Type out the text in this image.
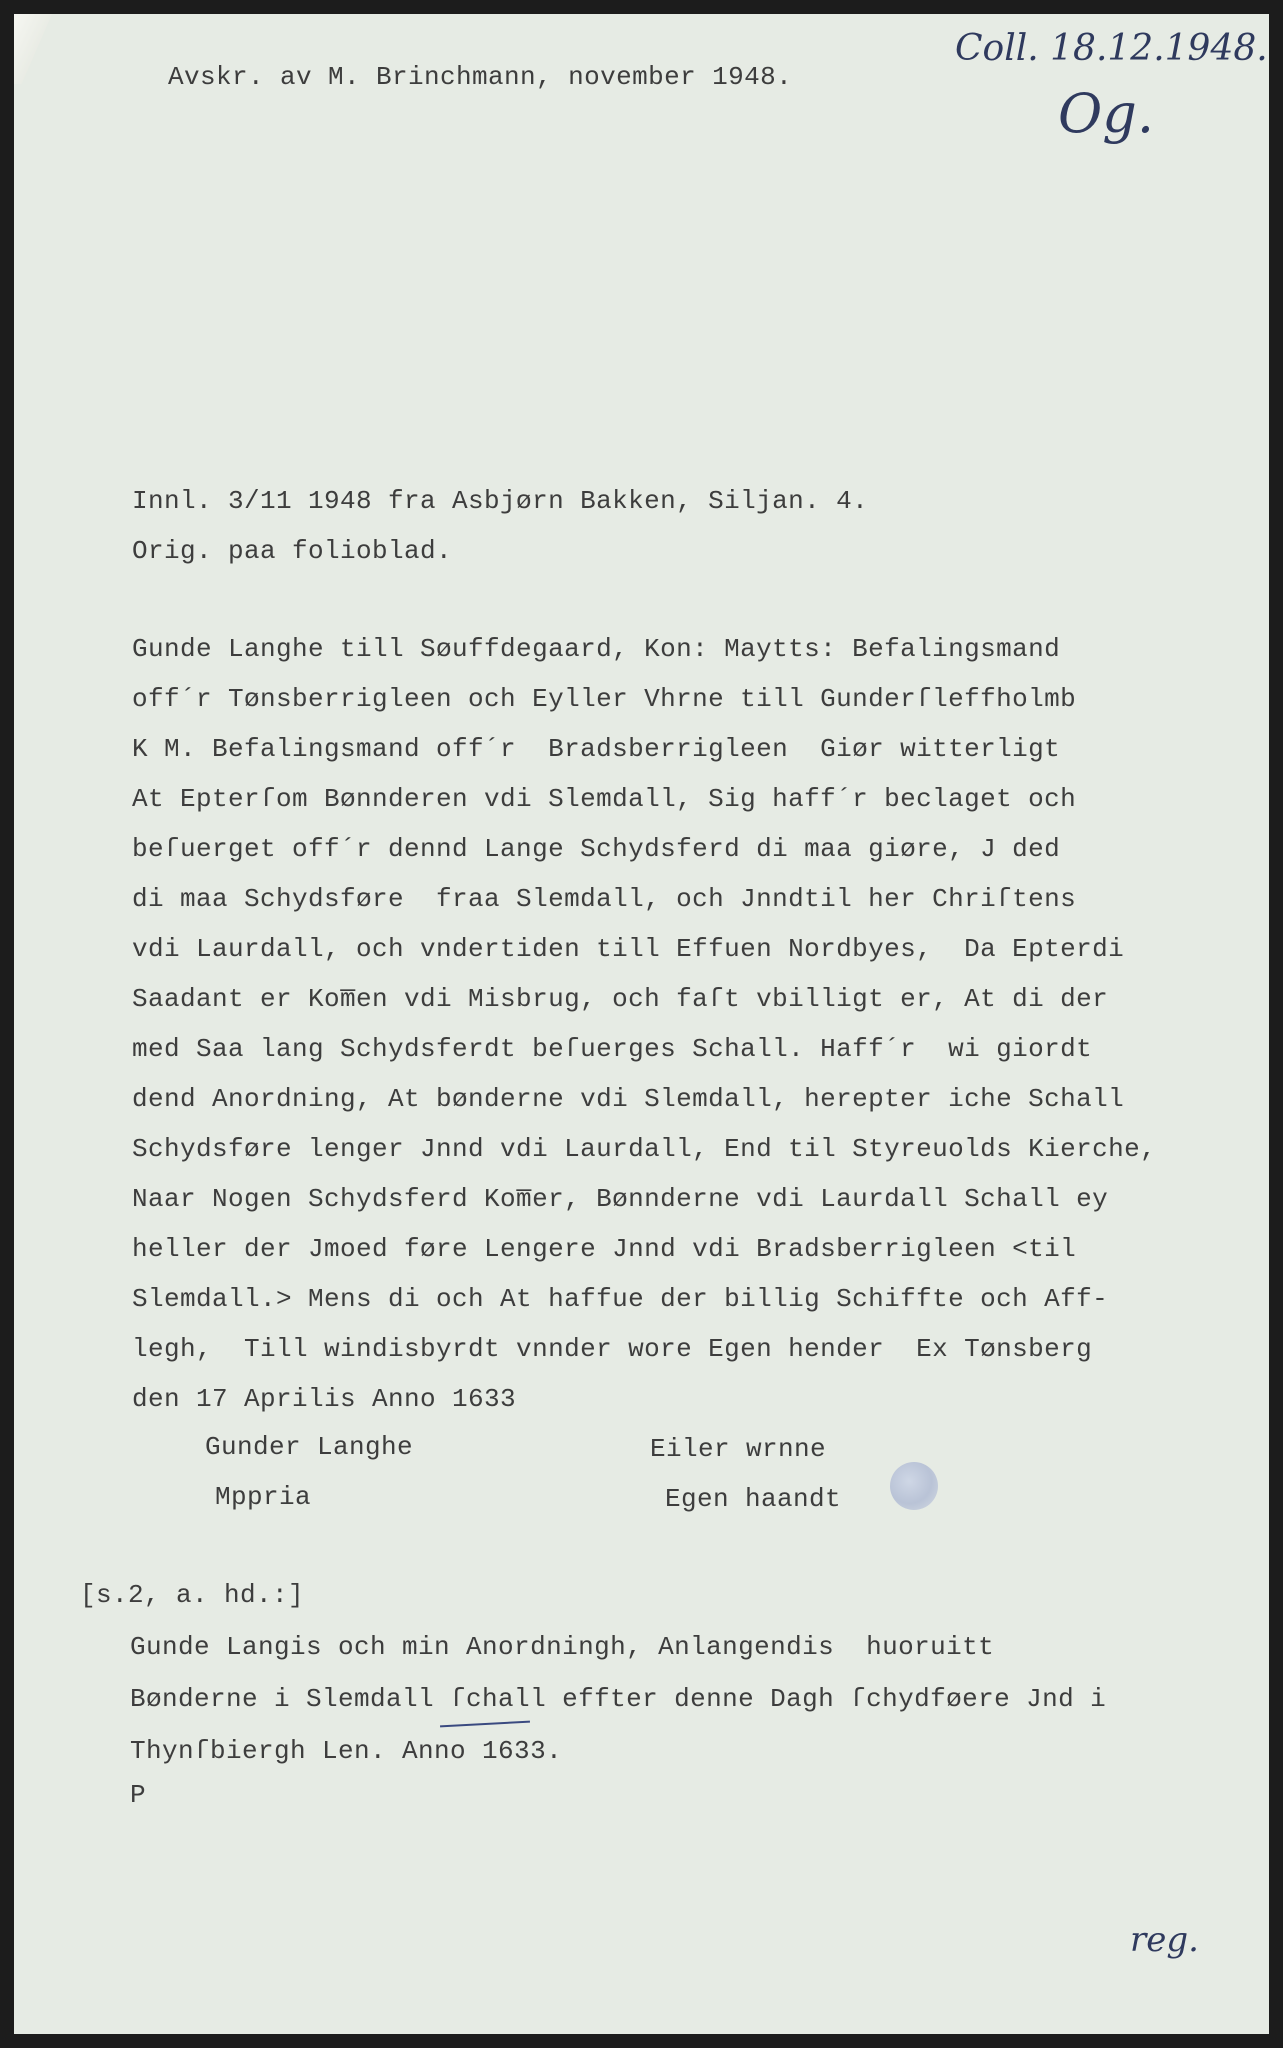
Avskr. av M. Brinchmann, november 1948.
Coll. 18.12.1948.
Og.
Innl. 3/11 1948 fra Asbjørn Bakken, Siljan. 4.
Orig. paa folioblad.
Gunde Langhe till Søuffdegaard, Kon: Maytts: Befalingsmand
off´r Tønsberrigleen och Eyller Vhrne till Gunderſleffholmb
K M. Befalingsmand off´r  Bradsberrigleen  Giør witterligt
At Epterſom Bønnderen vdi Slemdall, Sig haff´r beclaget och
beſuerget off´r dennd Lange Schydsferd di maa giøre, J ded
di maa Schydsføre  fraa Slemdall, och Jnndtil her Chriſtens
vdi Laurdall, och vndertiden till Effuen Nordbyes,  Da Epterdi
Saadant er Kom̅en vdi Misbrug, och faſt vbilligt er, At di der
med Saa lang Schydsferdt beſuerges Schall. Haff´r  wi giordt
dend Anordning, At bønderne vdi Slemdall, herepter iche Schall
Schydsføre lenger Jnnd vdi Laurdall, End til Styreuolds Kierche,
Naar Nogen Schydsferd Kom̅er, Bønnderne vdi Laurdall Schall ey
heller der Jmoed føre Lengere Jnnd vdi Bradsberrigleen <til
Slemdall.> Mens di och At haffue der billig Schiffte och Aff-
legh,  Till windisbyrdt vnnder wore Egen hender  Ex Tønsberg
den 17 Aprilis Anno 1633
Gunder Langhe
Mppria
Eiler wrnne
Egen haandt
[s.2, a. hd.:]
Gunde Langis och min Anordningh, Anlangendis  huoruitt
Bønderne i Slemdall ſchall effter denne Dagh ſchydføere Jnd i
Thynſbiergh Len. Anno 1633.
P
reg.
